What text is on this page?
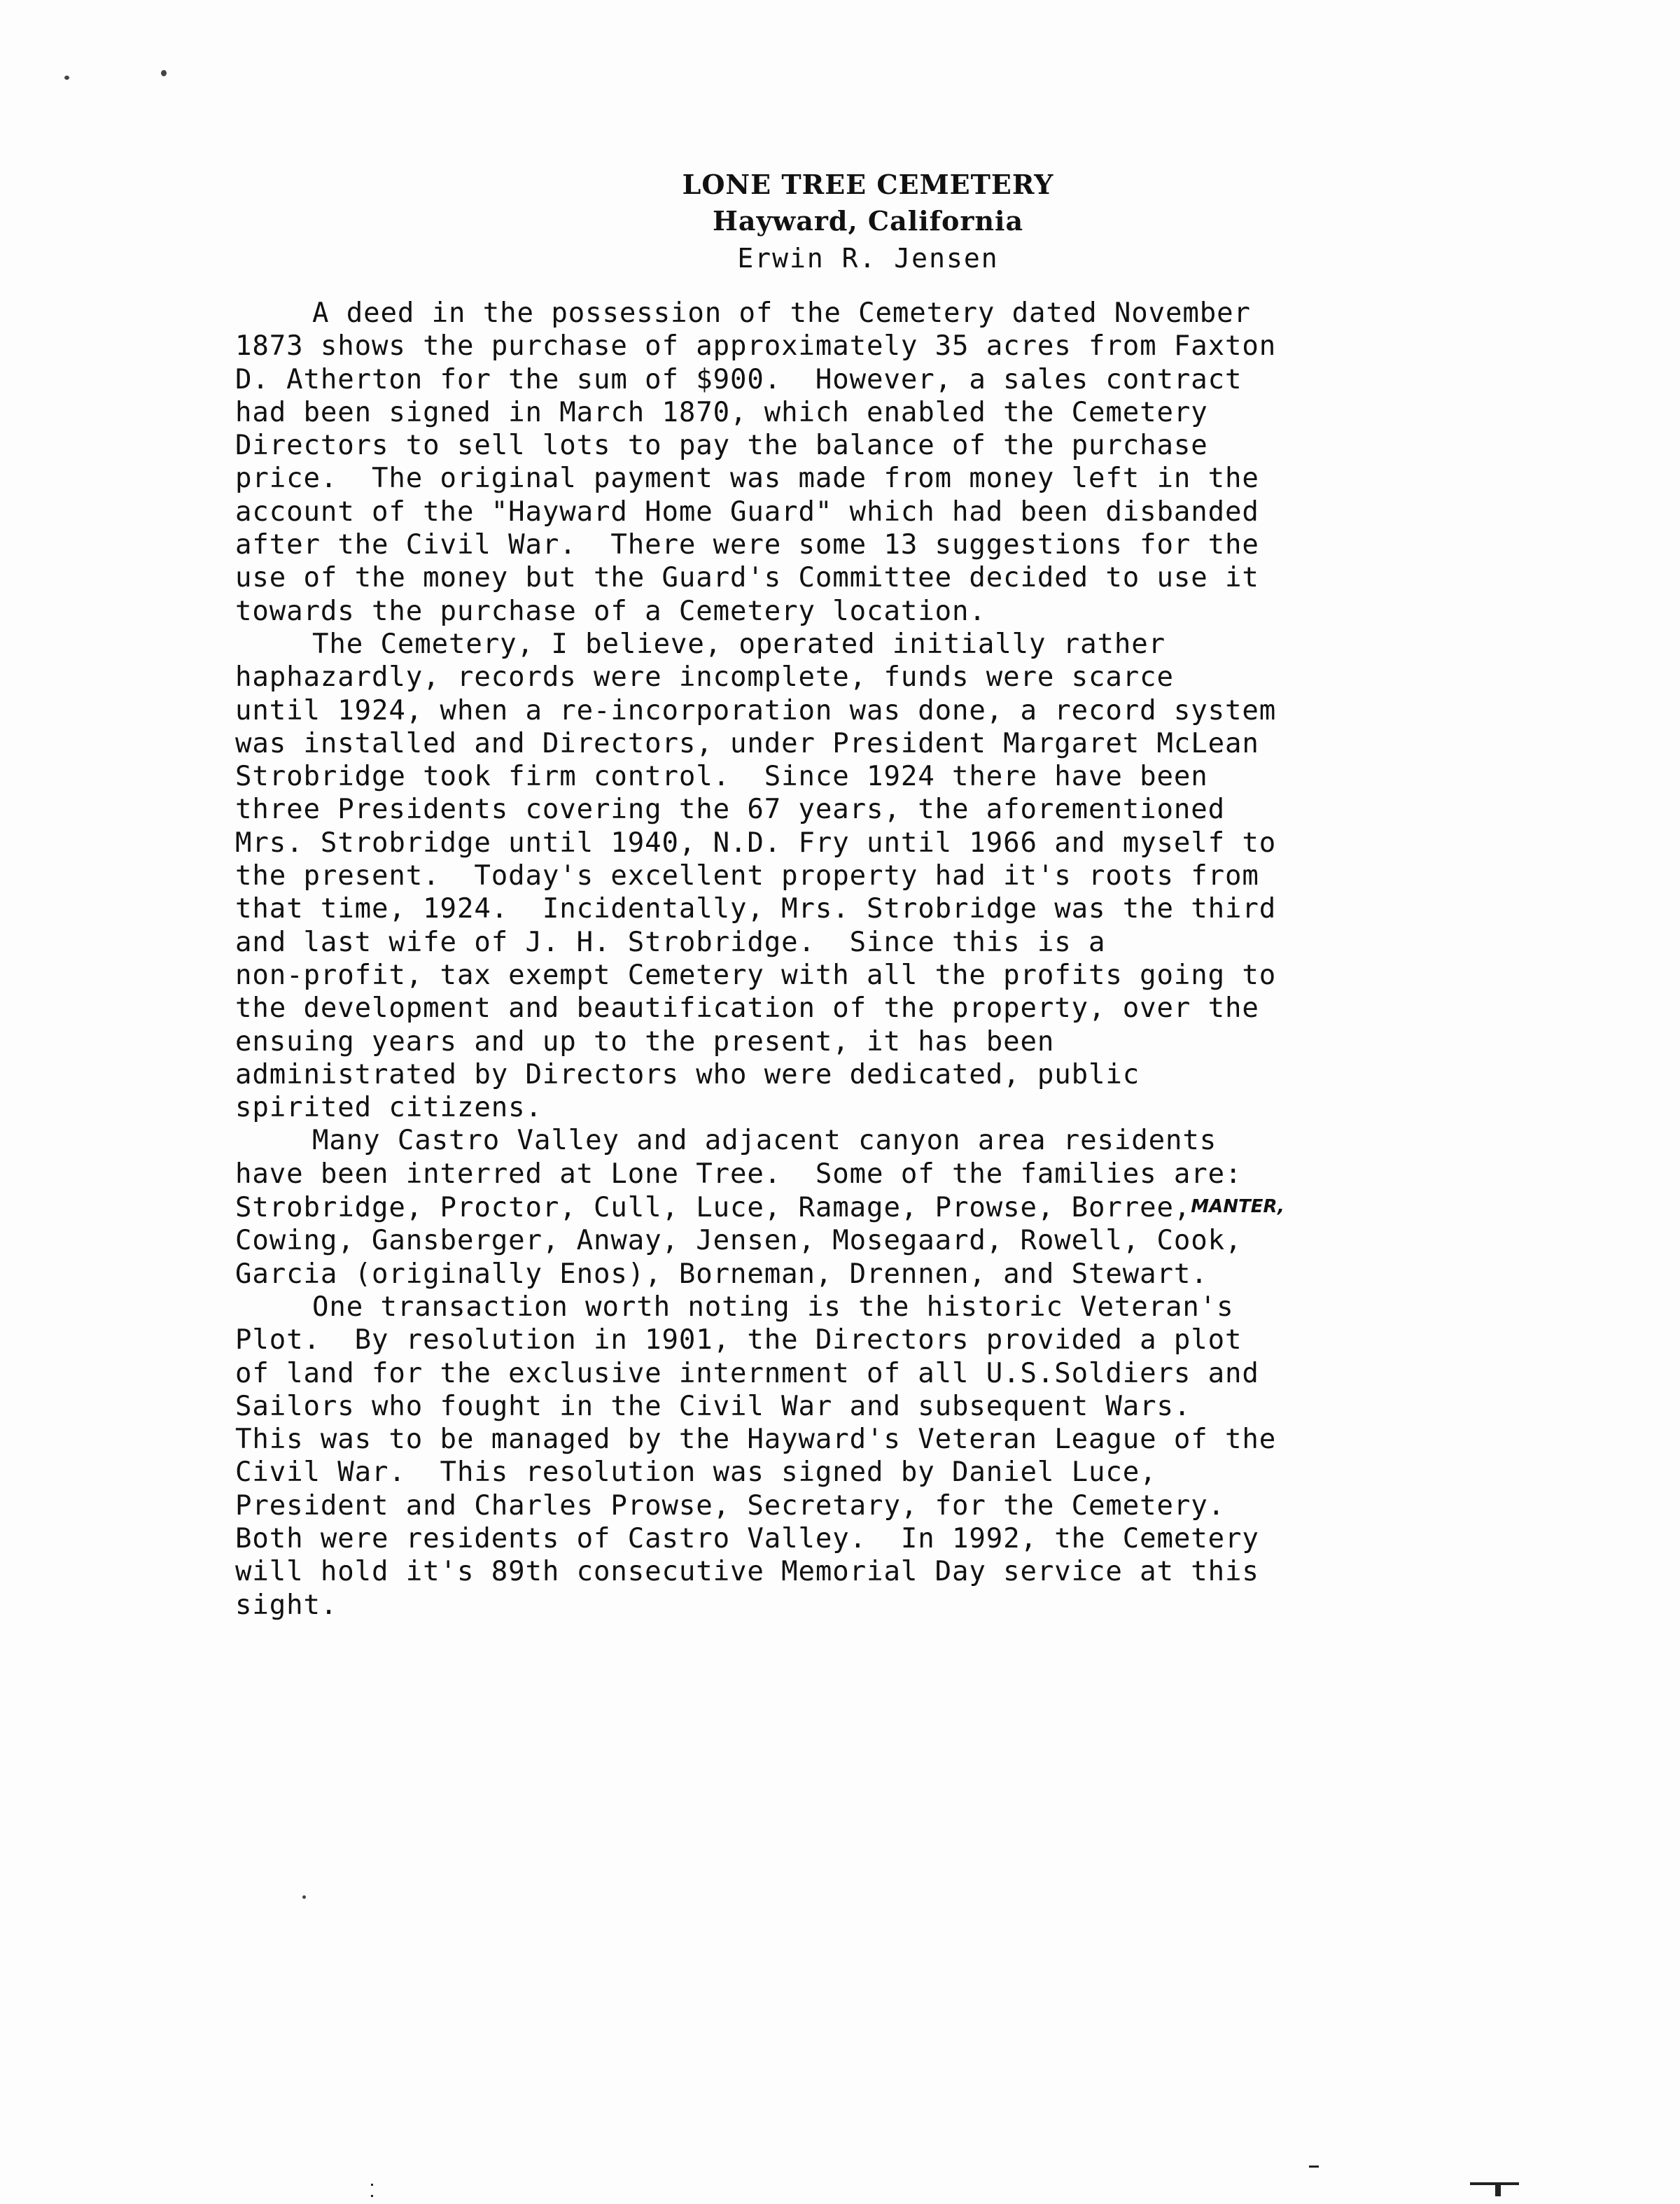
LONE TREE CEMETERY
Hayward, California
Erwin R. Jensen
A deed in the possession of the Cemetery dated November
1873 shows the purchase of approximately 35 acres from Faxton
D. Atherton for the sum of $900.  However, a sales contract
had been signed in March 1870, which enabled the Cemetery
Directors to sell lots to pay the balance of the purchase
price.  The original payment was made from money left in the
account of the "Hayward Home Guard" which had been disbanded
after the Civil War.  There were some 13 suggestions for the
use of the money but the Guard's Committee decided to use it
towards the purchase of a Cemetery location.
The Cemetery, I believe, operated initially rather
haphazardly, records were incomplete, funds were scarce
until 1924, when a re-incorporation was done, a record system
was installed and Directors, under President Margaret McLean
Strobridge took firm control.  Since 1924 there have been
three Presidents covering the 67 years, the aforementioned
Mrs. Strobridge until 1940, N.D. Fry until 1966 and myself to
the present.  Today's excellent property had it's roots from
that time, 1924.  Incidentally, Mrs. Strobridge was the third
and last wife of J. H. Strobridge.  Since this is a
non-profit, tax exempt Cemetery with all the profits going to
the development and beautification of the property, over the
ensuing years and up to the present, it has been
administrated by Directors who were dedicated, public
spirited citizens.
Many Castro Valley and adjacent canyon area residents
have been interred at Lone Tree.  Some of the families are:
Strobridge, Proctor, Cull, Luce, Ramage, Prowse, Borree,MANTER,
Cowing, Gansberger, Anway, Jensen, Mosegaard, Rowell, Cook,
Garcia (originally Enos), Borneman, Drennen, and Stewart.
One transaction worth noting is the historic Veteran's
Plot.  By resolution in 1901, the Directors provided a plot
of land for the exclusive internment of all U.S.Soldiers and
Sailors who fought in the Civil War and subsequent Wars.
This was to be managed by the Hayward's Veteran League of the
Civil War.  This resolution was signed by Daniel Luce,
President and Charles Prowse, Secretary, for the Cemetery.
Both were residents of Castro Valley.  In 1992, the Cemetery
will hold it's 89th consecutive Memorial Day service at this
sight.
